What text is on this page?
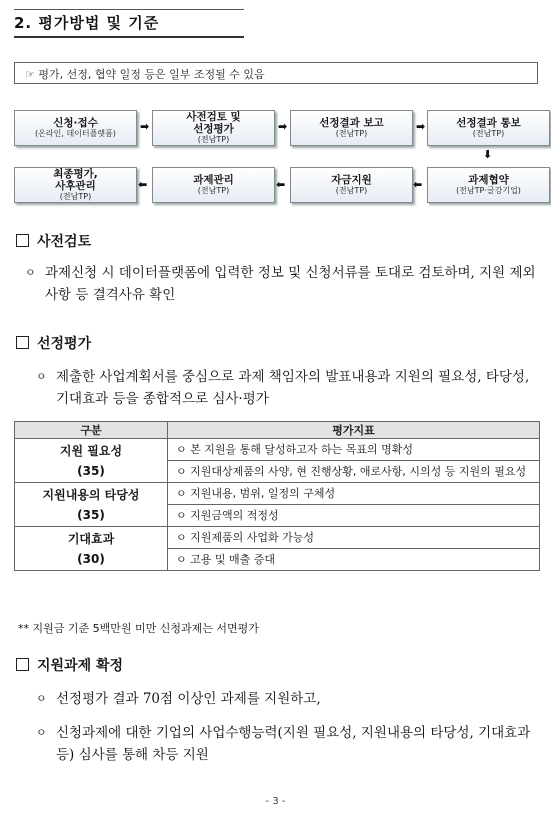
2. 평가방법 및 기준
☞ 평가, 선정, 협약 일정 등은 일부 조정될 수 있음
신청·접수
(온라인, 데이터플랫폼)
➡
사전검토 및
선정평가
(전남TP)
➡	선정결과 보고
(전남TP)
➡	선정결과 통보
(전남TP)
⬇
최종평가,
사후관리
(전남TP)
⬅	과제관리
(전남TP)	⬅	자금지원
(전남TP)	⬅	과제협약
(전남TP·글강기업)
사전검토
ㅇ 과제신청 시 데이터플랫폼에 입력한 정보 및 신청서류를 토대로 검토하며, 지원 제외사항 등 결격사유 확인
선정평가
ㅇ 제출한 사업계획서를 중심으로 과제 책임자의 발표내용과 지원의 필요성, 타당성, 기대효과 등을 종합적으로 심사·평가
구분	평가지표

지원 필요성
(35)	ㅇ 본 지원을 통해 달성하고자 하는 목표의 명확성
	ㅇ 지원대상제품의 사양, 현 진행상황, 애로사항, 시의성 등 지원의 필요성

지원내용의 타당성
(35)	ㅇ 지원내용, 범위, 일정의 구체성
	ㅇ 지원금액의 적정성

기대효과
(30)	ㅇ 지원제품의 사업화 가능성
	ㅇ 고용 및 매출 증대
** 지원금 기준 5백만원 미만 신청과제는 서면평가
지원과제 확정
ㅇ 선정평가 결과 70점 이상인 과제를 지원하고,
ㅇ 신청과제에 대한 기업의 사업수행능력(지원 필요성, 지원내용의 타당성, 기대효과 등) 심사를 통해 차등 지원
- 3 -
